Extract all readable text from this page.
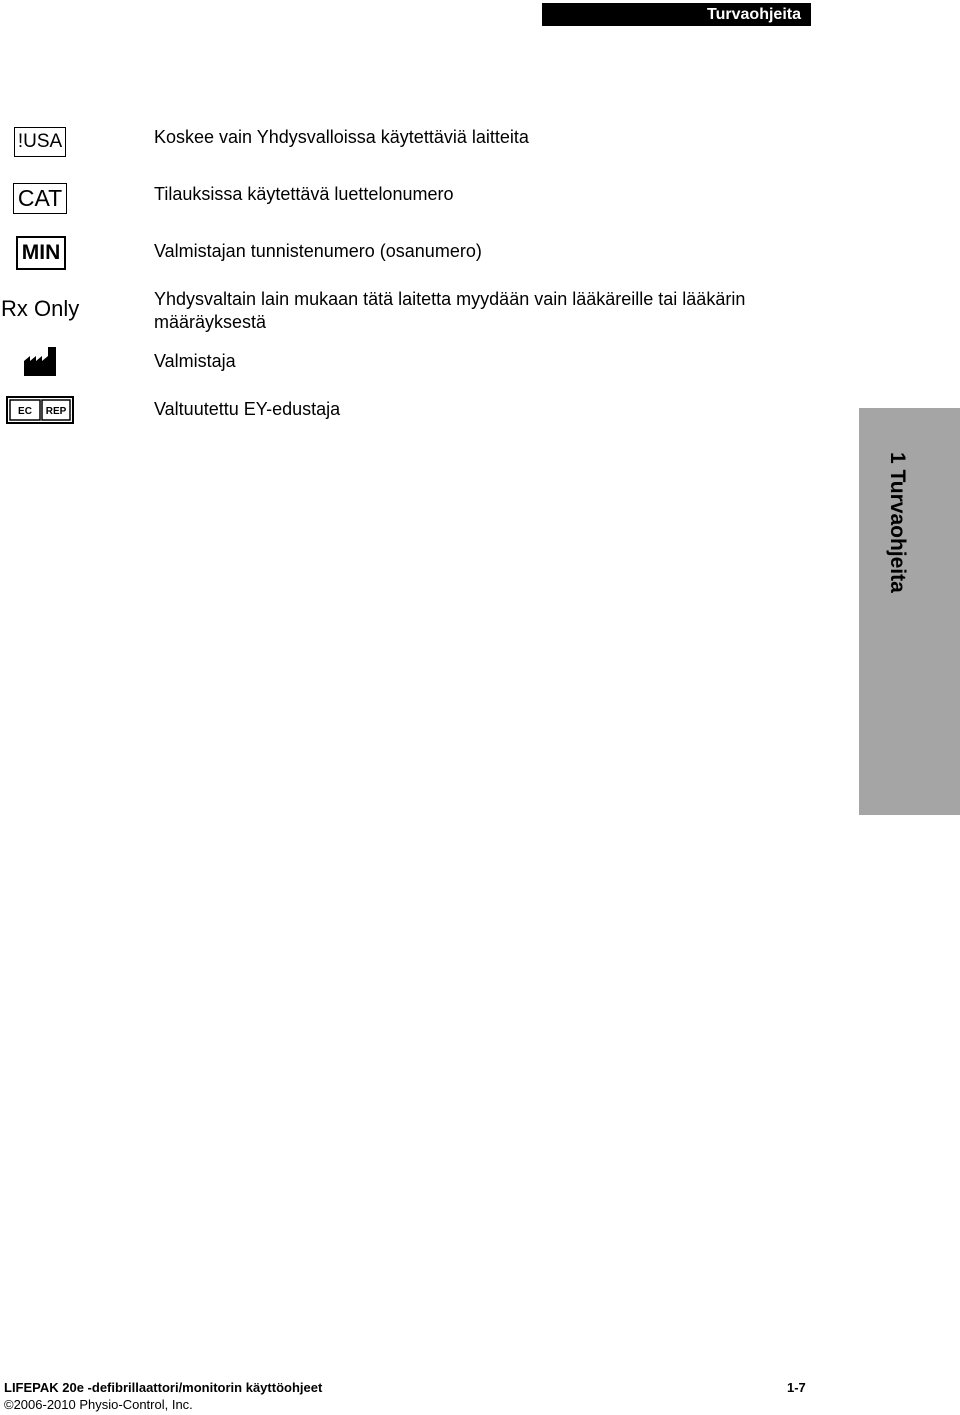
Turvaohjeita
!USA
CAT
MIN
Rx Only
EC REP
Koskee vain Yhdysvalloissa käytettäviä laitteita
Tilauksissa käytettävä luettelonumero
Valmistajan tunnistenumero (osanumero)
Yhdysvaltain lain mukaan tätä laitetta myydään vain lääkäreille tai lääkärin määräyksestä
Valmistaja
Valtuutettu EY-edustaja
1 Turvaohjeita
LIFEPAK 20e -defibrillaattori/monitorin käyttöohjeet	1-7
©2006-2010 Physio-Control, Inc.
